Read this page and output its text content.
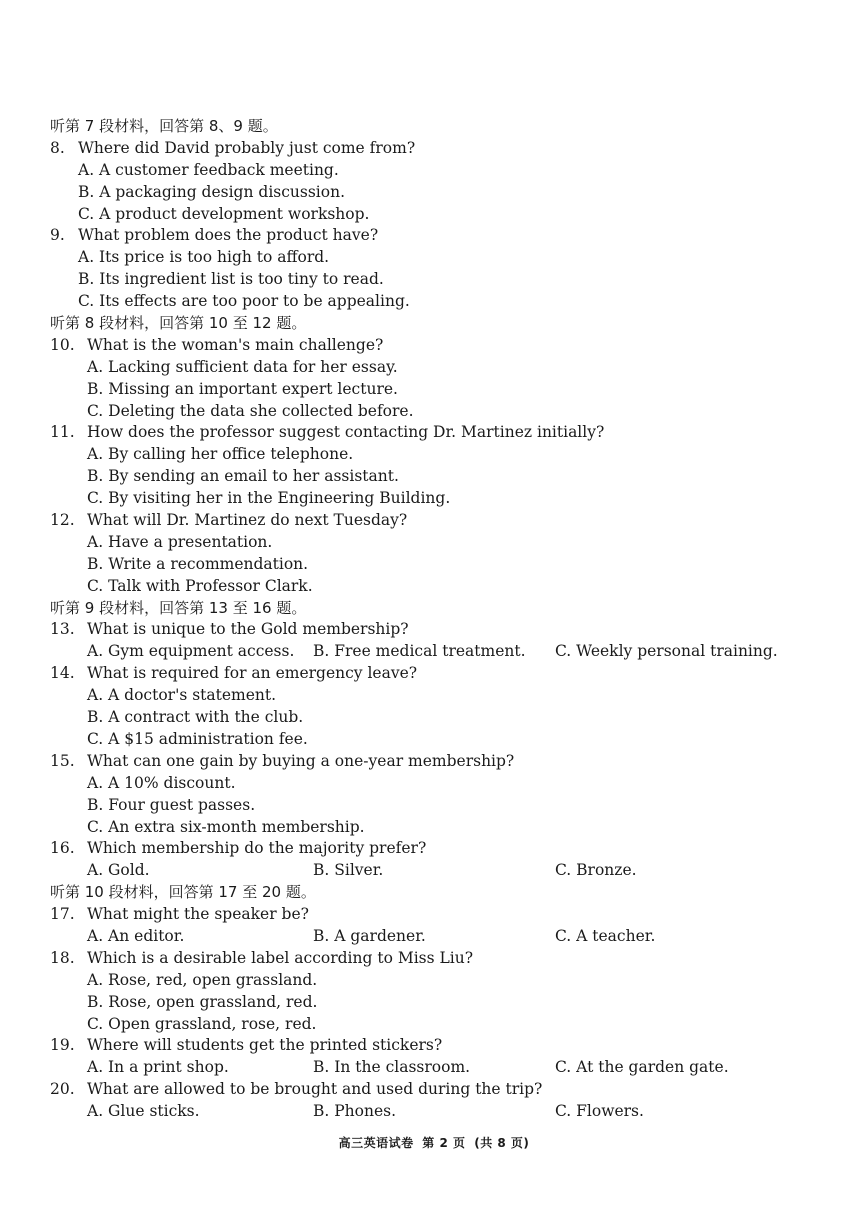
听第 7 段材料，回答第 8、9 题。
8. Where did David probably just come from?
A. A customer feedback meeting.
B. A packaging design discussion.
C. A product development workshop.
9. What problem does the product have?
A. Its price is too high to afford.
B. Its ingredient list is too tiny to read.
C. Its effects are too poor to be appealing.
听第 8 段材料，回答第 10 至 12 题。
10. What is the woman's main challenge?
A. Lacking sufficient data for her essay.
B. Missing an important expert lecture.
C. Deleting the data she collected before.
11. How does the professor suggest contacting Dr. Martinez initially?
A. By calling her office telephone.
B. By sending an email to her assistant.
C. By visiting her in the Engineering Building.
12. What will Dr. Martinez do next Tuesday?
A. Have a presentation.
B. Write a recommendation.
C. Talk with Professor Clark.
听第 9 段材料，回答第 13 至 16 题。
13. What is unique to the Gold membership?
A. Gym equipment access. B. Free medical treatment. C. Weekly personal training.
14. What is required for an emergency leave?
A. A doctor's statement.
B. A contract with the club.
C. A $15 administration fee.
15. What can one gain by buying a one-year membership?
A. A 10% discount.
B. Four guest passes.
C. An extra six-month membership.
16. Which membership do the majority prefer?
A. Gold.	B. Silver.	C. Bronze.
听第 10 段材料，回答第 17 至 20 题。
17. What might the speaker be?
A. An editor.	B. A gardener.	C. A teacher.
18. Which is a desirable label according to Miss Liu?
A. Rose, red, open grassland.
B. Rose, open grassland, red.
C. Open grassland, rose, red.
19. Where will students get the printed stickers?
A. In a print shop.	B. In the classroom.	C. At the garden gate.
20. What are allowed to be brought and used during the trip?
A. Glue sticks.	B. Phones.	C. Flowers.
高三英语试卷 第 2 页 (共 8 页)
